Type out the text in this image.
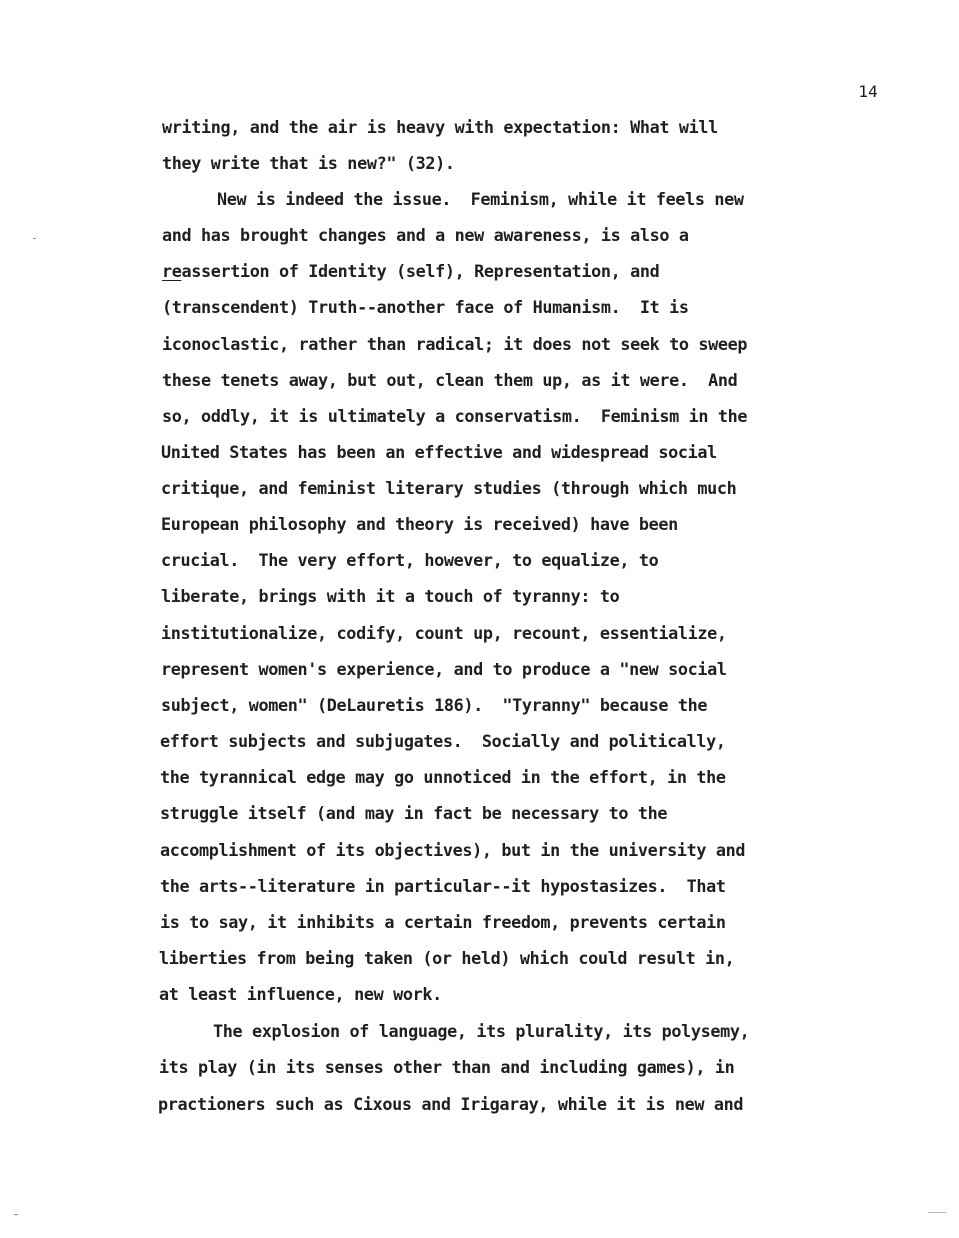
14
writing, and the air is heavy with expectation: What will
they write that is new?" (32).
New is indeed the issue.  Feminism, while it feels new
and has brought changes and a new awareness, is also a
reassertion of Identity (self), Representation, and
(transcendent) Truth--another face of Humanism.  It is
iconoclastic, rather than radical; it does not seek to sweep
these tenets away, but out, clean them up, as it were.  And
so, oddly, it is ultimately a conservatism.  Feminism in the
United States has been an effective and widespread social
critique, and feminist literary studies (through which much
European philosophy and theory is received) have been
crucial.  The very effort, however, to equalize, to
liberate, brings with it a touch of tyranny: to
institutionalize, codify, count up, recount, essentialize,
represent women's experience, and to produce a "new social
subject, women" (DeLauretis 186).  "Tyranny" because the
effort subjects and subjugates.  Socially and politically,
the tyrannical edge may go unnoticed in the effort, in the
struggle itself (and may in fact be necessary to the
accomplishment of its objectives), but in the university and
the arts--literature in particular--it hypostasizes.  That
is to say, it inhibits a certain freedom, prevents certain
liberties from being taken (or held) which could result in,
at least influence, new work.
The explosion of language, its plurality, its polysemy,
its play (in its senses other than and including games), in
practioners such as Cixous and Irigaray, while it is new and
